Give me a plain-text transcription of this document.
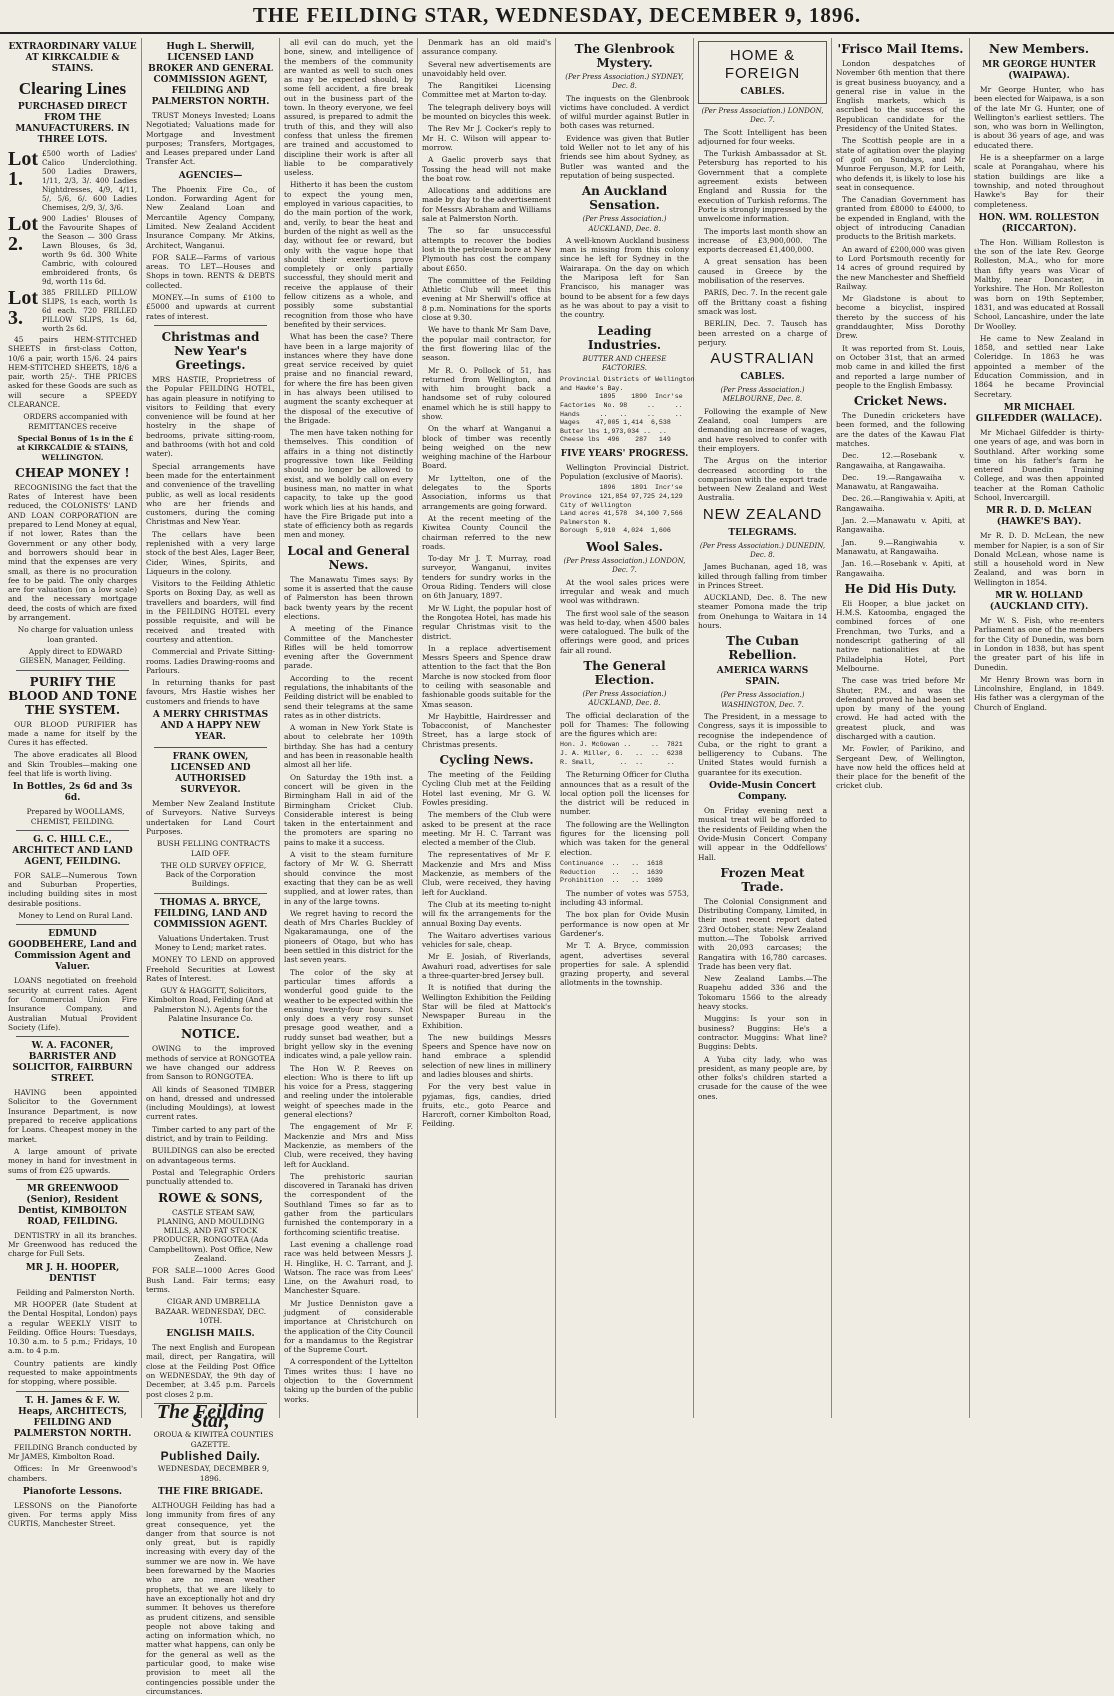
THE FEILDING STAR, WEDNESDAY, DECEMBER 9, 1896.
EXTRAORDINARY VALUE AT KIRKCALDIE & STAINS.
Clearing Lines
PURCHASED DIRECT FROM THE MANUFACTURERS. IN THREE LOTS.
Lot 1.
£500 worth of Ladies' Calico Underclothing. 500 Ladies Drawers, 1/11, 2/3, 3/. 400 Ladies Nightdresses, 4/9, 4/11, 5/, 5/6, 6/. 600 Ladies Chemises, 2/9, 3/, 3/6.
Lot 2.
900 Ladies' Blouses of the Favourite Shapes of the Season — 300 Grass Lawn Blouses, 6s 3d, worth 9s 6d. 300 White Cambric, with coloured embroidered fronts, 6s 9d, worth 11s 6d.
Lot 3.
385 FRILLED PILLOW SLIPS, 1s each, worth 1s 6d each. 720 FRILLED PILLOW SLIPS, 1s 6d, worth 2s 6d.

45 pairs HEM-STITCHED SHEETS in first-class Cotton, 10/6 a pair, worth 15/6. 24 pairs HEM-STITCHED SHEETS, 18/6 a pair, worth 25/-. THE PRICES asked for these Goods are such as will secure a SPEEDY CLEARANCE.

ORDERS accompanied with REMITTANCES receive

Special Bonus of 1s in the £ at KIRKCALDIE & STAINS, WELLINGTON.

CHEAP MONEY !

RECOGNISING the fact that the Rates of Interest have been reduced, the COLONISTS' LAND AND LOAN CORPORATION are prepared to Lend Money at equal, if not lower, Rates than the Government or any other body, and borrowers should bear in mind that the expenses are very small, as there is no procuration fee to be paid. The only charges are for valuation (on a low scale) and the necessary mortgage deed, the costs of which are fixed by arrangement.

No charge for valuation unless loan granted.

Apply direct to EDWARD GIESEN, Manager, Feilding.

PURIFY THE BLOOD AND TONE THE SYSTEM.

OUR BLOOD PURIFIER has made a name for itself by the Cures it has effected.

The above eradicates all Blood and Skin Troubles—making one feel that life is worth living.

In Bottles, 2s 6d and 3s 6d.

Prepared by WOOLLAMS, CHEMIST, FEILDING.

G. C. HILL C.E., ARCHITECT AND LAND AGENT, FEILDING.

FOR SALE—Numerous Town and Suburban Properties, including building sites in most desirable positions.

Money to Lend on Rural Land.

EDMUND GOODBEHERE, Land and Commission Agent and Valuer.

LOANS negotiated on freehold security at current rates. Agent for Commercial Union Fire Insurance Company, and Australian Mutual Provident Society (Life).

W. A. FACONER, BARRISTER AND SOLICITOR, FAIRBURN STREET.

HAVING been appointed Solicitor to the Government Insurance Department, is now prepared to receive applications for Loans. Cheapest money in the market.

A large amount of private money in hand for investment in sums of from £25 upwards.

MR GREENWOOD (Senior), Resident Dentist, KIMBOLTON ROAD, FEILDING.

DENTISTRY in all its branches. Mr Greenwood has reduced the charge for Full Sets.

MR J. H. HOOPER, DENTIST

Feilding and Palmerston North.

MR HOOPER (late Student at the Dental Hospital, London) pays a regular WEEKLY VISIT to Feilding. Office Hours: Tuesdays, 10.30 a.m. to 5 p.m.; Fridays, 10 a.m. to 4 p.m.

Country patients are kindly requested to make appointments for stopping, where possible.

T. H. James & F. W. Heaps, ARCHITECTS, FEILDING AND PALMERSTON NORTH.

FEILDING Branch conducted by Mr JAMES, Kimbolton Road.

Offices: In Mr Greenwood's chambers.

Pianoforte Lessons.

LESSONS on the Pianoforte given. For terms apply Miss CURTIS, Manchester Street.

Hugh L. Sherwill, LICENSED LAND BROKER AND GENERAL COMMISSION AGENT, FEILDING AND PALMERSTON NORTH.

TRUST Moneys Invested; Loans Negotiated; Valuations made for Mortgage and Investment purposes; Transfers, Mortgages, and Leases prepared under Land Transfer Act.

AGENCIES—

The Phoenix Fire Co., of London. Forwarding Agent for New Zealand Loan and Mercantile Agency Company, Limited. New Zealand Accident Insurance Company. Mr Atkins, Architect, Wanganui.

FOR SALE—Farms of various areas. TO LET—Houses and Shops in town. RENTS & DEBTS collected.

MONEY.—In sums of £100 to £5000 and upwards at current rates of interest.

Christmas and New Year's Greetings.

MRS HASTIE, Proprietress of the Popular FEILDING HOTEL, has again pleasure in notifying to visitors to Feilding that every convenience will be found at her hostelry in the shape of bedrooms, private sitting-room, and bathrooms (with hot and cold water).

Special arrangements have been made for the entertainment and convenience of the travelling public, as well as local residents who are her friends and customers, during the coming Christmas and New Year.

The cellars have been replenished with a very large stock of the best Ales, Lager Beer, Cider, Wines, Spirits, and Liqueurs in the colony.

Visitors to the Feilding Athletic Sports on Boxing Day, as well as travellers and boarders, will find in the FEILDING HOTEL every possible requisite, and will be received and treated with courtesy and attention.

Commercial and Private Sitting-rooms. Ladies Drawing-rooms and Parlours.

In returning thanks for past favours, Mrs Hastie wishes her customers and friends to have

A MERRY CHRISTMAS AND A HAPPY NEW YEAR.
FRANK OWEN, LICENSED AND AUTHORISED SURVEYOR.

Member New Zealand Institute of Surveyors. Native Surveys undertaken for Land Court Purposes.

BUSH FELLING CONTRACTS LAID OFF.

THE OLD SURVEY OFFICE, Back of the Corporation Buildings.

THOMAS A. BRYCE, FEILDING, LAND AND COMMISSION AGENT.

Valuations Undertaken. Trust Money to Lend; market rates.

MONEY TO LEND on approved Freehold Securities at Lowest Rates of Interest.

GUY & HAGGITT, Solicitors, Kimbolton Road, Feilding (And at Palmerston N.). Agents for the Palatine Insurance Co.

NOTICE.

OWING to the improved methods of service at RONGOTEA we have changed our address from Sanson to RONGOTEA.

All kinds of Seasoned TIMBER on hand, dressed and undressed (including Mouldings), at lowest current rates.

Timber carted to any part of the district, and by train to Feilding.

BUILDINGS can also be erected on advantageous terms.

Postal and Telegraphic Orders punctually attended to.

ROWE & SONS,

CASTLE STEAM SAW, PLANING, AND MOULDING MILLS, AND FAT STOCK PRODUCER, RONGOTEA (Ada Campbelltown). Post Office, New Zealand.

FOR SALE—1000 Acres Good Bush Land. Fair terms; easy terms.

CIGAR AND UMBRELLA BAZAAR. WEDNESDAY, DEC. 10TH.

ENGLISH MAILS.

The next English and European mail, direct, per Rangatira, will close at the Feilding Post Office on WEDNESDAY, the 9th day of December, at 3.45 p.m. Parcels post closes 2 p.m.

The Feilding Star,

OROUA & KIWITEA COUNTIES GAZETTE.

Published Daily.

WEDNESDAY, DECEMBER 9, 1896.

THE FIRE BRIGADE.

ALTHOUGH Feilding has had a long immunity from fires of any great consequence, yet the danger from that source is not only great, but is rapidly increasing with every day of the summer we are now in. We have been forewarned by the Maories who are no mean weather prophets, that we are likely to have an exceptionally hot and dry summer. It behoves us therefore as prudent citizens, and sensible people not above taking and acting on information which, no matter what happens, can only be for the general as well as the particular good, to make wise provision to meet all the contingencies possible under the circumstances.

all evil can do much, yet the bone, sinew, and intelligence of the members of the community are wanted as well to such ones as may be expected should, by some fell accident, a fire break out in the business part of the town. In theory everyone, we feel assured, is prepared to admit the truth of this, and they will also confess that unless the firemen are trained and accustomed to discipline their work is after all liable to be comparatively useless.

Hitherto it has been the custom to expect the young men, employed in various capacities, to do the main portion of the work, and, verily, to bear the heat and burden of the night as well as the day, without fee or reward, but only with the vague hope that should their exertions prove completely or only partially successful, they should merit and receive the applause of their fellow citizens as a whole, and possibly some substantial recognition from those who have benefited by their services.

What has been the case? There have been in a large majority of instances where they have done great service received by quiet praise and no financial reward, for where the fire has been given in has always been utilised to augment the scanty exchequer at the disposal of the executive of the Brigade.

The men have taken nothing for themselves. This condition of affairs in a thing not distinctly progressive town like Feilding should no longer be allowed to exist, and we boldly call on every business man, no matter in what capacity, to take up the good work which lies at his hands, and have the Fire Brigade put into a state of efficiency both as regards men and money.

Local and General News.

The Manawatu Times says: By some it is asserted that the cause of Palmerston has been thrown back twenty years by the recent elections.

A meeting of the Finance Committee of the Manchester Rifles will be held tomorrow evening after the Government parade.

According to the recent regulations, the inhabitants of the Feilding district will be enabled to send their telegrams at the same rates as in other districts.

A woman in New York State is about to celebrate her 109th birthday. She has had a century and has been in reasonable health almost all her life.

On Saturday the 19th inst. a concert will be given in the Birmingham Hall in aid of the Birmingham Cricket Club. Considerable interest is being taken in the entertainment and the promoters are sparing no pains to make it a success.

A visit to the steam furniture factory of Mr W. G. Sherratt should convince the most exacting that they can be as well supplied, and at lower rates, than in any of the large towns.

We regret having to record the death of Mrs Charles Buckley of Ngakaramaunga, one of the pioneers of Otago, but who has been settled in this district for the last seven years.

The color of the sky at particular times affords a wonderful good guide to the weather to be expected within the ensuing twenty-four hours. Not only does a very rosy sunset presage good weather, and a ruddy sunset bad weather, but a bright yellow sky in the evening indicates wind, a pale yellow rain.

The Hon W. P. Reeves on election: Who is there to lift up his voice for a Press, staggering and reeling under the intolerable weight of speeches made in the general elections?

The engagement of Mr F. Mackenzie and Mrs and Miss Mackenzie, as members of the Club, were received, they having left for Auckland.

The prehistoric saurian discovered in Taranaki has driven the correspondent of the Southland Times so far as to gather from the particulars furnished the contemporary in a forthcoming scientific treatise.

Last evening a challenge road race was held between Messrs J. H. Hinglike, H. C. Tarrant, and J. Watson. The race was from Lees' Line, on the Awahuri road, to Manchester Square.

Mr Justice Denniston gave a judgment of considerable importance at Christchurch on the application of the City Council for a mandamus to the Registrar of the Supreme Court.

A correspondent of the Lyttelton Times writes thus: I have no objection to the Government taking up the burden of the public works.

Denmark has an old maid's assurance company.

Several new advertisements are unavoidably held over.

The Rangitikei Licensing Committee met at Marton to-day.

The telegraph delivery boys will be mounted on bicycles this week.

The Rev Mr J. Cocker's reply to Mr H. C. Wilson will appear to-morrow.

A Gaelic proverb says that Tossing the head will not make the boat row.

Allocations and additions are made by day to the advertisement for Messrs Abraham and Williams sale at Palmerston North.

The so far unsuccessful attempts to recover the bodies lost in the petroleum bore at New Plymouth has cost the company about £650.

The committee of the Feilding Athletic Club will meet this evening at Mr Sherwill's office at 8 p.m. Nominations for the sports close at 9.30.

We have to thank Mr Sam Dave, the popular mail contractor, for the first flowering lilac of the season.

Mr R. O. Pollock of 51, has returned from Wellington, and with him brought back a handsome set of ruby coloured enamel which he is still happy to show.

On the wharf at Wanganui a block of timber was recently being weighed on the new weighing machine of the Harbour Board.

Mr Lyttelton, one of the delegates to the Sports Association, informs us that arrangements are going forward.

At the recent meeting of the Kiwitea County Council the chairman referred to the new roads.

To-day Mr J. T. Murray, road surveyor, Wanganui, invites tenders for sundry works in the Oroua Riding. Tenders will close on 6th January, 1897.

Mr W. Light, the popular host of the Rongotea Hotel, has made his regular Christmas visit to the district.

In a replace advertisement Messrs Speers and Spence draw attention to the fact that the Bon Marche is now stocked from floor to ceiling with seasonable and fashionable goods suitable for the Xmas season.

Mr Haybittle, Hairdresser and Tobacconist, of Manchester Street, has a large stock of Christmas presents.

Cycling News.

The meeting of the Feilding Cycling Club met at the Feilding Hotel last evening, Mr G. W. Fowles presiding.

The members of the Club were asked to be present at the race meeting. Mr H. C. Tarrant was elected a member of the Club.

The representatives of Mr F. Mackenzie and Mrs and Miss Mackenzie, as members of the Club, were received, they having left for Auckland.

The Club at its meeting to-night will fix the arrangements for the annual Boxing Day events.

The Waitaro advertises various vehicles for sale, cheap.

Mr E. Josiah, of Riverlands, Awahuri road, advertises for sale a three-quarter-bred Jersey bull.

It is notified that during the Wellington Exhibition the Feilding Star will be filed at Mattock's Newspaper Bureau in the Exhibition.

The new buildings Messrs Speers and Spence have now on hand embrace a splendid selection of new lines in millinery and ladies blouses and shirts.

For the very best value in pyjamas, figs, candies, dried fruits, etc., goto Pearce and Harcroft, corner Kimbolton Road, Feilding.

The Glenbrook Mystery.
(Per Press Association.) SYDNEY, Dec. 8.

The inquests on the Glenbrook victims have concluded. A verdict of wilful murder against Butler in both cases was returned.

Evidence was given that Butler told Weller not to let any of his friends see him about Sydney, as Butler was wanted and the reputation of being suspected.

An Auckland Sensation.
(Per Press Association.) AUCKLAND, Dec. 8.

A well-known Auckland business man is missing from this colony since he left for Sydney in the Wairarapa. On the day on which the Mariposa left for San Francisco, his manager was bound to be absent for a few days as he was about to pay a visit to the country.

Leading Industries.
BUTTER AND CHEESE FACTORIES.
Provincial Districts of Wellington
and Hawke's Bay.
1895    1890  Incr'se
Factories  No. 98     ..     ..
Hands     ..   ..     ..     ..
Wages    47,005 1,414  6,538
Butter lbs 1,973,034 ..  ..
Cheese lbs  496    287   149
FIVE YEARS' PROGRESS.

Wellington Provincial District. Population (exclusive of Maoris).

1896    1891  Incr'se
Province  121,854 97,725 24,129
City of Wellington
Land acres 41,578  34,100 7,566
Palmerston N.
Borough  5,910  4,024  1,606
Wool Sales.
(Per Press Association.) LONDON, Dec. 7.

At the wool sales prices were irregular and weak and much wool was withdrawn.

The first wool sale of the season was held to-day, when 4500 bales were catalogued. The bulk of the offerings were good, and prices fair all round.

The General Election.
(Per Press Association.) AUCKLAND, Dec. 8.

The official declaration of the poll for Thames: The following are the figures which are:

Hon. J. McGowan ..     ..  7821
J. A. Miller, G.   ..  ..  6238
R. Small,      ..  ..      ..

The Returning Officer for Clutha announces that as a result of the local option poll the licenses for the district will be reduced in number.

The following are the Wellington figures for the licensing poll which was taken for the general election.

Continuance  ..   ..  1618
Reduction    ..   ..  1639
Prohibition  ..   ..  1989

The number of votes was 5753, including 43 informal.

The box plan for Ovide Musin performance is now open at Mr Gardener's.

Mr T. A. Bryce, commission agent, advertises several properties for sale. A splendid grazing property, and several allotments in the township.

HOME & FOREIGN
CABLES.
(Per Press Association.) LONDON, Dec. 7.

The Scott Intelligent has been adjourned for four weeks.

The Turkish Ambassador at St. Petersburg has reported to his Government that a complete agreement exists between England and Russia for the execution of Turkish reforms. The Porte is strongly impressed by the unwelcome information.

The imports last month show an increase of £3,900,000. The exports decreased £1,400,000.

A great sensation has been caused in Greece by the mobilisation of the reserves.

PARIS, Dec. 7. In the recent gale off the Brittany coast a fishing smack was lost.

BERLIN, Dec. 7. Tausch has been arrested on a charge of perjury.

AUSTRALIAN
CABLES.
(Per Press Association.) MELBOURNE, Dec. 8.

Following the example of New Zealand, coal lumpers are demanding an increase of wages, and have resolved to confer with their employers.

The Argus on the interior decreased according to the comparison with the export trade between New Zealand and West Australia.

NEW ZEALAND
TELEGRAMS.
(Per Press Association.) DUNEDIN, Dec. 8.

James Buchanan, aged 18, was killed through falling from timber in Princes Street.

AUCKLAND, Dec. 8. The new steamer Pomona made the trip from Onehunga to Waitara in 14 hours.

The Cuban Rebellion.
AMERICA WARNS SPAIN.
(Per Press Association.) WASHINGTON, Dec. 7.

The President, in a message to Congress, says it is impossible to recognise the independence of Cuba, or the right to grant a belligerency to Cubans. The United States would furnish a guarantee for its execution.

Ovide-Musin Concert Company.

On Friday evening next a musical treat will be afforded to the residents of Feilding when the Ovide-Musin Concert Company will appear in the Oddfellows' Hall.

Frozen Meat Trade.

The Colonial Consignment and Distributing Company, Limited, in their most recent report dated 23rd October, state: New Zealand mutton.—The Tobolsk arrived with 20,093 carcases; the Rangatira with 16,780 carcases. Trade has been very flat.

New Zealand Lambs.—The Ruapehu added 336 and the Tokomaru 1566 to the already heavy stocks.

Muggins: Is your son in business? Buggins: He's a contractor. Muggins: What line? Buggins: Debts.

A Yuba city lady, who was president, as many people are, by other folks's children started a crusade for the cause of the wee ones.

'Frisco Mail Items.

London despatches of November 6th mention that there is great business buoyancy, and a general rise in value in the English markets, which is ascribed to the success of the Republican candidate for the Presidency of the United States.

The Scottish people are in a state of agitation over the playing of golf on Sundays, and Mr Munroe Ferguson, M.P. for Leith, who defends it, is likely to lose his seat in consequence.

The Canadian Government has granted from £8000 to £4000, to be expended in England, with the object of introducing Canadian products to the British markets.

An award of £200,000 was given to Lord Portsmouth recently for 14 acres of ground required by the new Manchester and Sheffield Railway.

Mr Gladstone is about to become a bicyclist, inspired thereto by the success of his granddaughter, Miss Dorothy Drew.

It was reported from St. Louis, on October 31st, that an armed mob came in and killed the first and reported a large number of people to the English Embassy.

Cricket News.

The Dunedin cricketers have been formed, and the following are the dates of the Kawau Flat matches.

Dec. 12.—Rosebank v. Rangawaiha, at Rangawaiha.

Dec. 19.—Rangawaiha v. Manawatu, at Rangawaiha.

Dec. 26.—Rangiwahia v. Apiti, at Rangawaiha.

Jan. 2.—Manawatu v. Apiti, at Rangawaiha.

Jan. 9.—Rangiwahia v. Manawatu, at Rangawaiha.

Jan. 16.—Rosebank v. Apiti, at Rangawaiha.

He Did His Duty.

Eli Hooper, a blue jacket on H.M.S. Katoomba, engaged the combined forces of one Frenchman, two Turks, and a nondescript gathering of all native nationalities at the Philadelphia Hotel, Port Melbourne.

The case was tried before Mr Shuter, P.M., and was the defendant proved he had been set upon by many of the young crowd. He had acted with the greatest pluck, and was discharged with a caution.

Mr. Fowler, of Parikino, and Sergeant Dew, of Wellington, have now held the offices held at their place for the benefit of the cricket club.

New Members.
MR GEORGE HUNTER (WAIPAWA).

Mr George Hunter, who has been elected for Waipawa, is a son of the late Mr G. Hunter, one of Wellington's earliest settlers. The son, who was born in Wellington, is about 36 years of age, and was educated there.

He is a sheepfarmer on a large scale at Porangahau, where his station buildings are like a township, and noted throughout Hawke's Bay for their completeness.

HON. WM. ROLLESTON (RICCARTON).

The Hon. William Rolleston is the son of the late Rev. George Rolleston, M.A., who for more than fifty years was Vicar of Maltby, near Doncaster, in Yorkshire. The Hon. Mr Rolleston was born on 19th September, 1831, and was educated at Rossall School, Lancashire, under the late Dr Woolley.

He came to New Zealand in 1858, and settled near Lake Coleridge. In 1863 he was appointed a member of the Education Commission, and in 1864 he became Provincial Secretary.

MR MICHAEL GILFEDDER (WALLACE).

Mr Michael Gilfedder is thirty-one years of age, and was born in Southland. After working some time on his father's farm he entered Dunedin Training College, and was then appointed teacher at the Roman Catholic School, Invercargill.

MR R. D. D. McLEAN (HAWKE'S BAY).

Mr R. D. D. McLean, the new member for Napier, is a son of Sir Donald McLean, whose name is still a household word in New Zealand, and was born in Wellington in 1854.

MR W. HOLLAND (AUCKLAND CITY).

Mr W. S. Fish, who re-enters Parliament as one of the members for the City of Dunedin, was born in London in 1838, but has spent the greater part of his life in Dunedin.

Mr Henry Brown was born in Lincolnshire, England, in 1849. His father was a clergyman of the Church of England.
